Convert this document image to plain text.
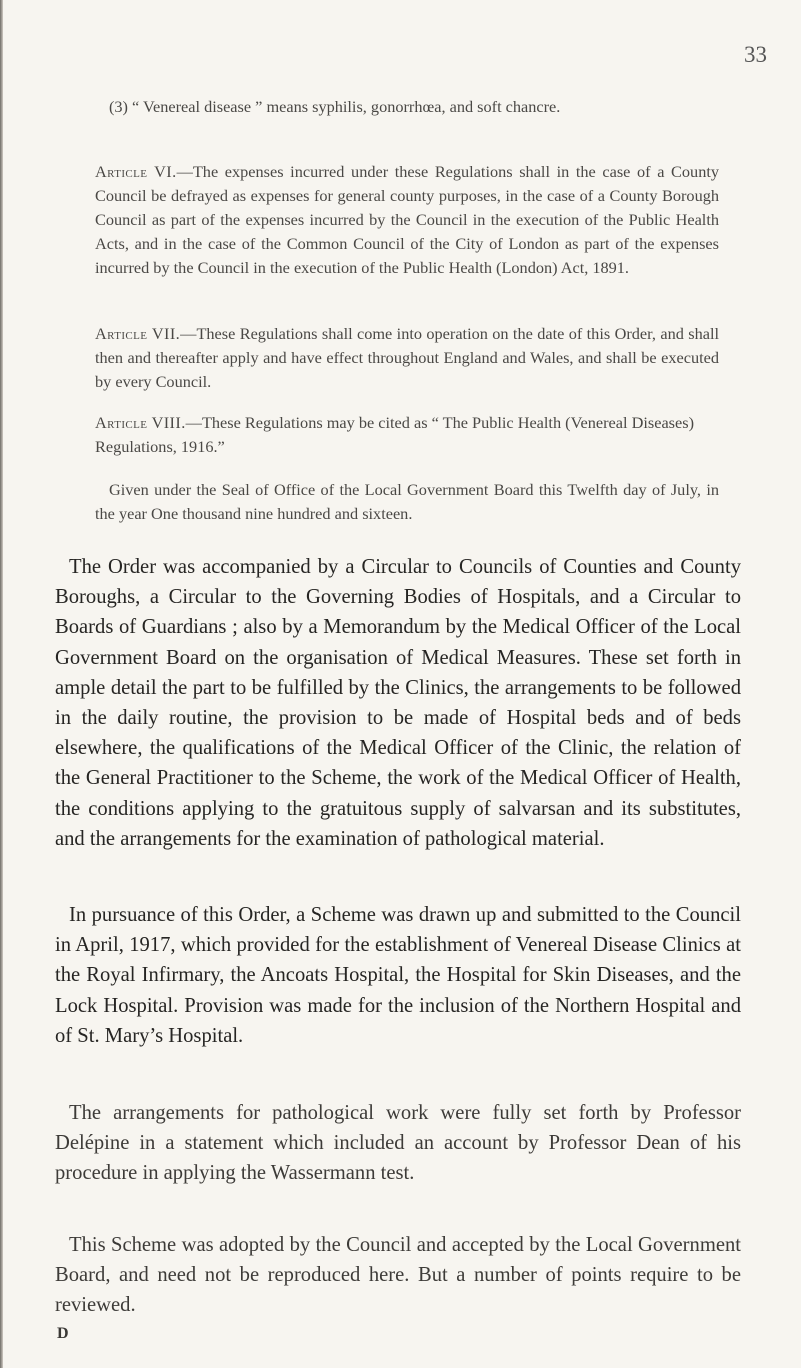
33

(3) “ Venereal disease ” means syphilis, gonorrhœa, and soft chancre.

Article VI.—The expenses incurred under these Regulations shall in the case of a County Council be defrayed as expenses for general county purposes, in the case of a County Borough Council as part of the expenses incurred by the Council in the execution of the Public Health Acts, and in the case of the Common Council of the City of London as part of the expenses incurred by the Council in the execution of the Public Health (London) Act, 1891.

Article VII.—These Regulations shall come into operation on the date of this Order, and shall then and thereafter apply and have effect throughout England and Wales, and shall be executed by every Council.

Article VIII.—These Regulations may be cited as “ The Public Health (Venereal Diseases) Regulations, 1916.”

Given under the Seal of Office of the Local Government Board this Twelfth day of July, in the year One thousand nine hundred and sixteen.

The Order was accompanied by a Circular to Councils of Counties and County Boroughs, a Circular to the Governing Bodies of Hospitals, and a Circular to Boards of Guardians ; also by a Memorandum by the Medical Officer of the Local Government Board on the organisation of Medical Measures. These set forth in ample detail the part to be fulfilled by the Clinics, the arrangements to be followed in the daily routine, the provision to be made of Hospital beds and of beds elsewhere, the qualifications of the Medical Officer of the Clinic, the relation of the General Practitioner to the Scheme, the work of the Medical Officer of Health, the conditions applying to the gratuitous supply of salvarsan and its substitutes, and the arrangements for the examination of pathological material.

In pursuance of this Order, a Scheme was drawn up and submitted to the Council in April, 1917, which provided for the establishment of Venereal Disease Clinics at the Royal Infirmary, the Ancoats Hospital, the Hospital for Skin Diseases, and the Lock Hospital. Provision was made for the inclusion of the Northern Hospital and of St. Mary’s Hospital.

The arrangements for pathological work were fully set forth by Professor Delépine in a statement which included an account by Professor Dean of his procedure in applying the Wassermann test.

This Scheme was adopted by the Council and accepted by the Local Government Board, and need not be reproduced here. But a number of points require to be reviewed.

D
